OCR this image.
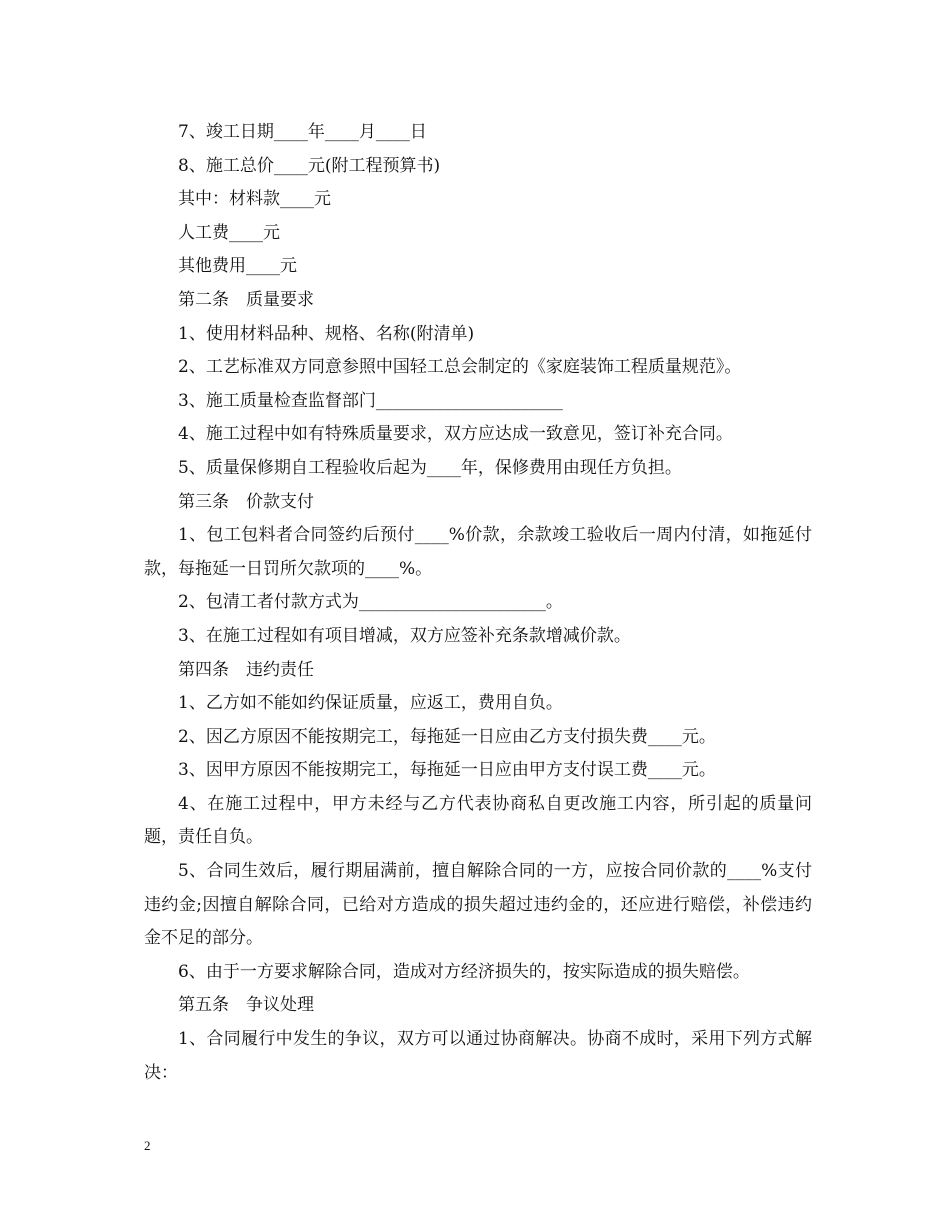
7、竣工日期____年____月____日

8、施工总价____元(附工程预算书)

其中：材料款____元

人工费____元

其他费用____元

第二条　质量要求

1、使用材料品种、规格、名称(附清单)

2、工艺标准双方同意参照中国轻工总会制定的《家庭装饰工程质量规范》。

3、施工质量检查监督部门______________________

4、施工过程中如有特殊质量要求，双方应达成一致意见，签订补充合同。

5、质量保修期自工程验收后起为____年，保修费用由现任方负担。

第三条　价款支付

1、包工包料者合同签约后预付____%价款，余款竣工验收后一周内付清，如拖延付款，每拖延一日罚所欠款项的____%。

2、包清工者付款方式为______________________。

3、在施工过程如有项目增减，双方应签补充条款增减价款。

第四条　违约责任

1、乙方如不能如约保证质量，应返工，费用自负。

2、因乙方原因不能按期完工，每拖延一日应由乙方支付损失费____元。

3、因甲方原因不能按期完工，每拖延一日应由甲方支付误工费____元。

4、在施工过程中，甲方未经与乙方代表协商私自更改施工内容，所引起的质量问题，责任自负。

5、合同生效后，履行期届满前，擅自解除合同的一方，应按合同价款的____%支付违约金;因擅自解除合同，已给对方造成的损失超过违约金的，还应进行赔偿，补偿违约金不足的部分。

6、由于一方要求解除合同，造成对方经济损失的，按实际造成的损失赔偿。

第五条　争议处理

1、合同履行中发生的争议，双方可以通过协商解决。协商不成时，采用下列方式解决：

2
